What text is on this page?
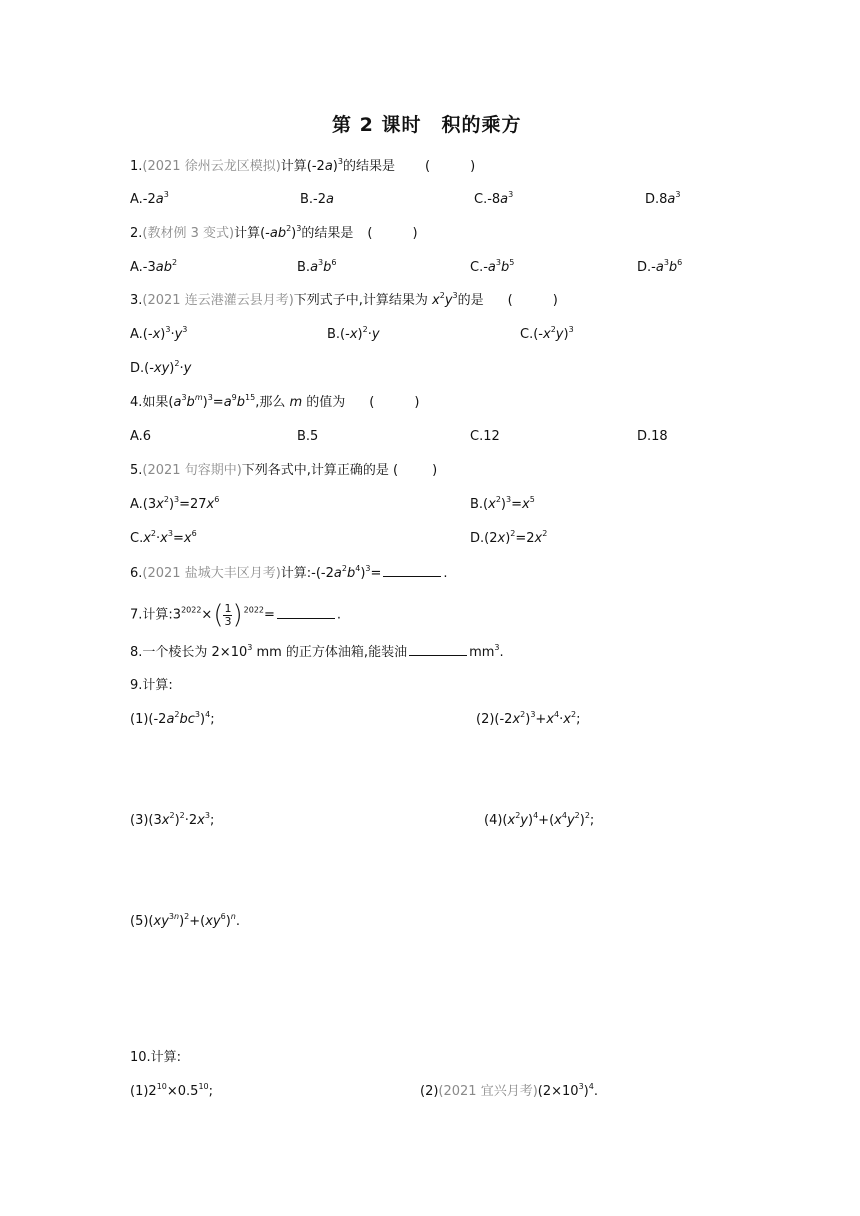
第 2 课时　积的乘方
1.(2021 徐州云龙区模拟)计算$(-2a)^3$的结果是 (	)
$A.-2a^3$	B.-2a	$C.-8a^3$	$D.8a^3$
2.(教材例 3 变式)计算$(-ab^2)^3$的结果是 (	)
$A.-3ab^2$	$B.a^3b^6$	$C.-a^3b^5$	$D.-a^3b^6$
3.(2021 连云港灌云县月考)下列式子中,计算结果为 $x^2y^3$的是 (	)
$A.(-x)^3\cdot y^3$	$B.(-x)^2\cdot y$	$C.(-x^2y)^3$
$D.(-xy)^2\cdot y$
4.如果$(a^3b^m)^3=a^9b^{15}$,那么 m 的值为 (	)
A.6	B.5	C.12	D.18
5.(2021 句容期中)下列各式中,计算正确的是 (	)
$A.(3x^2)^3=27x^6$	$B.(x^2)^3=x^5$
$C.x^2\cdot x^3=x^6$	$D.(2x)^2=2x^2$
6.(2021 盐城大丰区月考)计算$:-(-2a^2b^4)^3=$	.
7.计算$:3^{2022}\times$ ( 1
3 ) $^{2022}$=	.
8.一个棱长为 $2\times 10^3$ mm 的正方体油箱,能装油	$mm^3$.
9.计算:
$(1)(-2a^2bc^3)^4$;	$(2)(-2x^2)^3+x^4\cdot x^2$;
$(3)(3x^2)^2\cdot 2x^3$;	$(4)(x^2y)^4+(x^4y^2)^2$;
$(5)(xy^{3n})^2+(xy^6)^n$.
10.计算:
$(1)2^{10}\times 0.5^{10}$;	(2)(2021 宜兴月考)$(2\times 10^3)^4$.
